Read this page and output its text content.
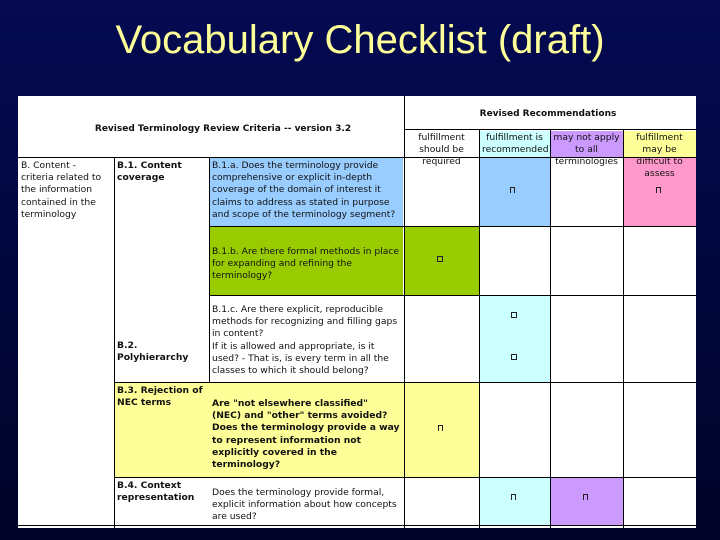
Vocabulary Checklist (draft)
Revised Terminology Review Criteria -- version 3.2
Revised Recommendations
fulfillment should be required
fulfillment is recommended
may not apply to all terminologies
fulfillment may be difficult to assess
B. Content - criteria related to the information contained in the terminology
B.1. Content coverage
B.2. Polyhierarchy
B.3. Rejection of NEC terms
B.4. Context representation
B.1.a. Does the terminology provide comprehensive or explicit in-depth coverage of the domain of interest it claims to address as stated in purpose and scope of the terminology segment?
B.1.b. Are there formal methods in place for expanding and refining the terminology?
B.1.c. Are there explicit, reproducible methods for recognizing and filling gaps in content?
If it is allowed and appropriate, is it used? - That is, is every term in all the classes to which it should belong?
Are "not elsewhere classified" (NEC) and "other" terms avoided? Does the terminology provide a way to represent information not explicitly covered in the terminology?
Does the terminology provide formal, explicit information about how concepts are used?
